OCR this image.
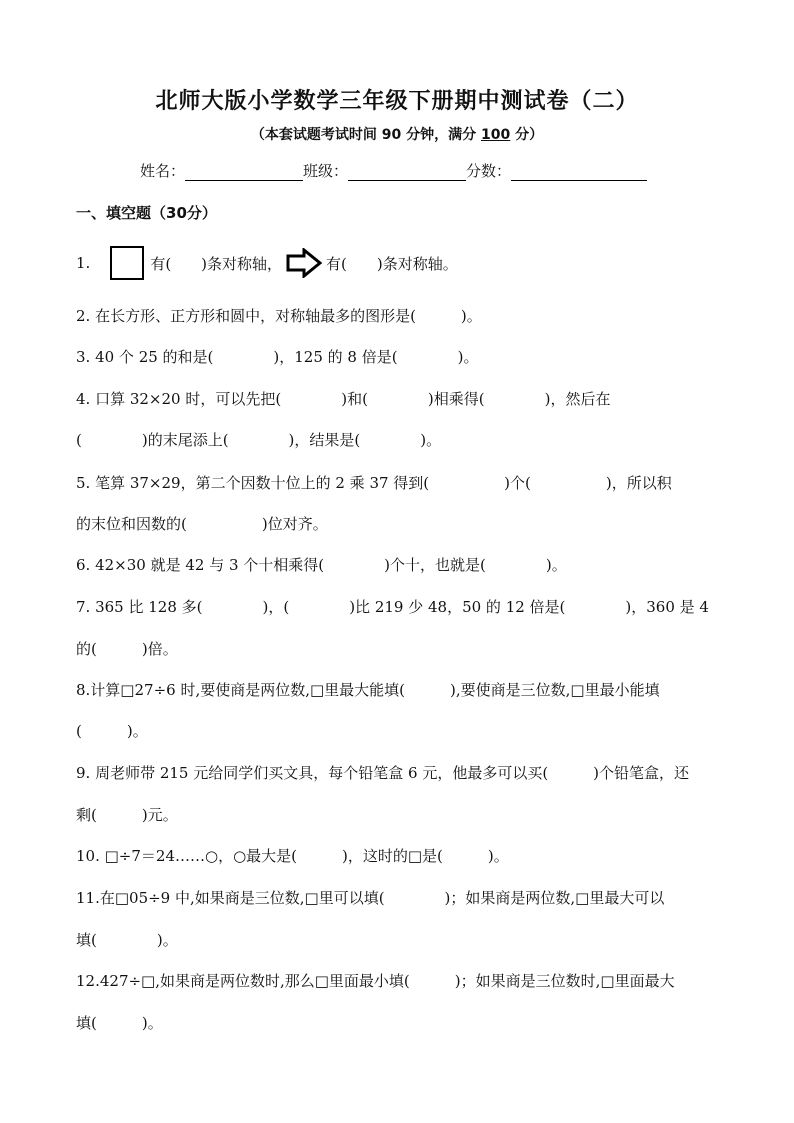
北师大版小学数学三年级下册期中测试卷（二）
（本套试题考试时间 90 分钟，满分 100 分）
姓名：	班级：	分数：
一、填空题（30分）
1.	有(　　)条对称轴，	有(　　)条对称轴。
2. 在长方形、正方形和圆中，对称轴最多的图形是(　　　)。
3. 40 个 25 的和是(　　　　)，125 的 8 倍是(　　　　)。
4. 口算 32×20 时，可以先把(　　　　)和(　　　　)相乘得(　　　　)，然后在
(　　　　)的末尾添上(　　　　)，结果是(　　　　)。
5. 笔算 37×29，第二个因数十位上的 2 乘 37 得到(　　　　　)个(　　　　　)，所以积
的末位和因数的(　　　　　)位对齐。
6. 42×30 就是 42 与 3 个十相乘得(　　　　)个十，也就是(　　　　)。
7. 365 比 128 多(　　　　)，(　　　　)比 219 少 48，50 的 12 倍是(　　　　)，360 是 4
的(　　　)倍。
8.计算□27÷6 时,要使商是两位数,□里最大能填(　　　),要使商是三位数,□里最小能填
(　　　)。
9. 周老师带 215 元给同学们买文具，每个铅笔盒 6 元，他最多可以买(　　　)个铅笔盒，还
剩(　　　)元。
10. □÷7＝24……○，○最大是(　　　)，这时的□是(　　　)。
11.在□05÷9 中,如果商是三位数,□里可以填(　　　　)；如果商是两位数,□里最大可以
填(　　　　)。
12.427÷□,如果商是两位数时,那么□里面最小填(　　　)；如果商是三位数时,□里面最大
填(　　　)。
